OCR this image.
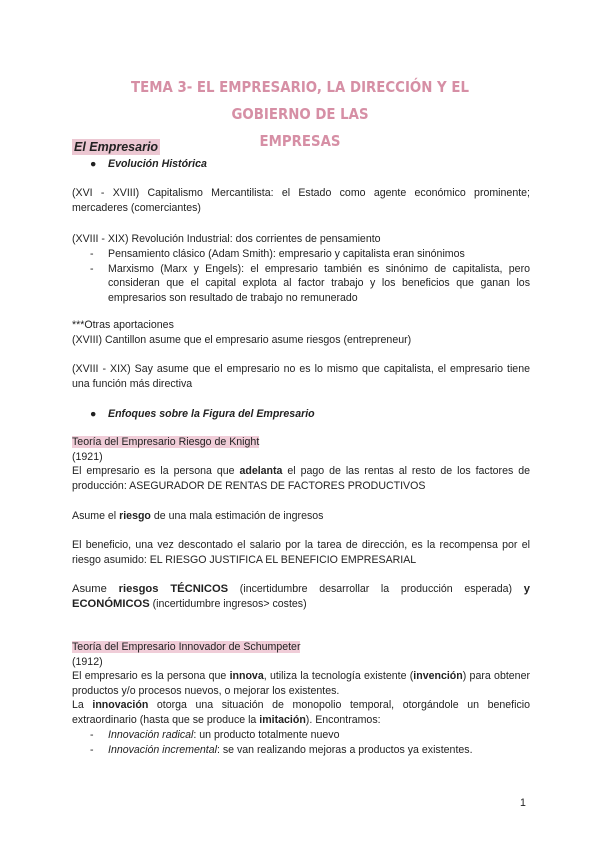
TEMA 3- EL EMPRESARIO, LA DIRECCIÓN Y EL GOBIERNO DE LAS
EMPRESAS
El Empresario
● Evolución Histórica
(XVI - XVIII) Capitalismo Mercantilista: el Estado como agente económico prominente; mercaderes (comerciantes)
(XVIII - XIX) Revolución Industrial: dos corrientes de pensamiento
-	Pensamiento clásico (Adam Smith): empresario y capitalista eran sinónimos
-	Marxismo (Marx y Engels): el empresario también es sinónimo de capitalista, pero consideran que el capital explota al factor trabajo y los beneficios que ganan los empresarios son resultado de trabajo no remunerado
***Otras aportaciones
(XVIII) Cantillon asume que el empresario asume riesgos (entrepreneur)
(XVIII - XIX) Say asume que el empresario no es lo mismo que capitalista, el empresario tiene una función más directiva
● Enfoques sobre la Figura del Empresario
Teoría del Empresario Riesgo de Knight
(1921)
El empresario es la persona que adelanta el pago de las rentas al resto de los factores de producción: ASEGURADOR DE RENTAS DE FACTORES PRODUCTIVOS
Asume el riesgo de una mala estimación de ingresos
El beneficio, una vez descontado el salario por la tarea de dirección, es la recompensa por el riesgo asumido: EL RIESGO JUSTIFICA EL BENEFICIO EMPRESARIAL
Asume riesgos TÉCNICOS (incertidumbre desarrollar la producción esperada) y ECONÓMICOS (incertidumbre ingresos> costes)
Teoría del Empresario Innovador de Schumpeter
(1912)
El empresario es la persona que innova, utiliza la tecnología existente (invención) para obtener productos y/o procesos nuevos, o mejorar los existentes.
La innovación otorga una situación de monopolio temporal, otorgándole un beneficio extraordinario (hasta que se produce la imitación). Encontramos:
-	Innovación radical: un producto totalmente nuevo
-	Innovación incremental: se van realizando mejoras a productos ya existentes.
1
